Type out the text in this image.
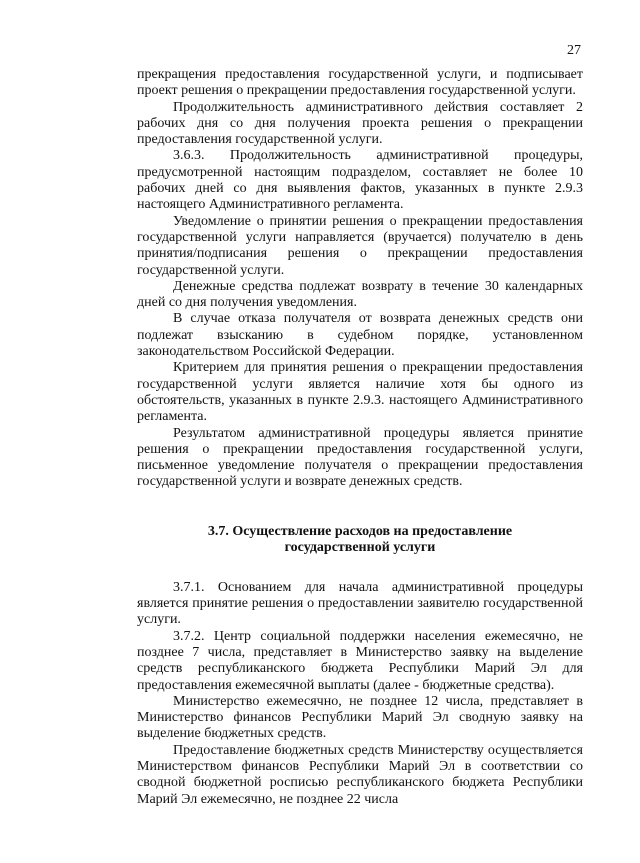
27

прекращения предоставления государственной услуги, и подписывает проект решения о прекращении предоставления государственной услуги.

Продолжительность административного действия составляет 2 рабочих дня со дня получения проекта решения о прекращении предоставления государственной услуги.

3.6.3. Продолжительность административной процедуры, предусмотренной настоящим подразделом, составляет не более 10 рабочих дней со дня выявления фактов, указанных в пункте 2.9.3 настоящего Административного регламента.

Уведомление о принятии решения о прекращении предоставления государственной услуги направляется (вручается) получателю в день принятия/подписания решения о прекращении предоставления государственной услуги.

Денежные средства подлежат возврату в течение 30 календарных дней со дня получения уведомления.

В случае отказа получателя от возврата денежных средств они подлежат взысканию в судебном порядке, установленном законодательством Российской Федерации.

Критерием для принятия решения о прекращении предоставления государственной услуги является наличие хотя бы одного из обстоятельств, указанных в пункте 2.9.3. настоящего Административного регламента.

Результатом административной процедуры является принятие решения о прекращении предоставления государственной услуги, письменное уведомление получателя о прекращении предоставления государственной услуги и возврате денежных средств.

3.7. Осуществление расходов на предоставление
государственной услуги

3.7.1. Основанием для начала административной процедуры является принятие решения о предоставлении заявителю государственной услуги.

3.7.2. Центр социальной поддержки населения ежемесячно, не позднее 7 числа, представляет в Министерство заявку на выделение средств республиканского бюджета Республики Марий Эл для предоставления ежемесячной выплаты (далее - бюджетные средства).

Министерство ежемесячно, не позднее 12 числа, представляет в Министерство финансов Республики Марий Эл сводную заявку на выделение бюджетных средств.

Предоставление бюджетных средств Министерству осуществляется Министерством финансов Республики Марий Эл в соответствии со сводной бюджетной росписью республиканского бюджета Республики Марий Эл ежемесячно, не позднее 22 числа
